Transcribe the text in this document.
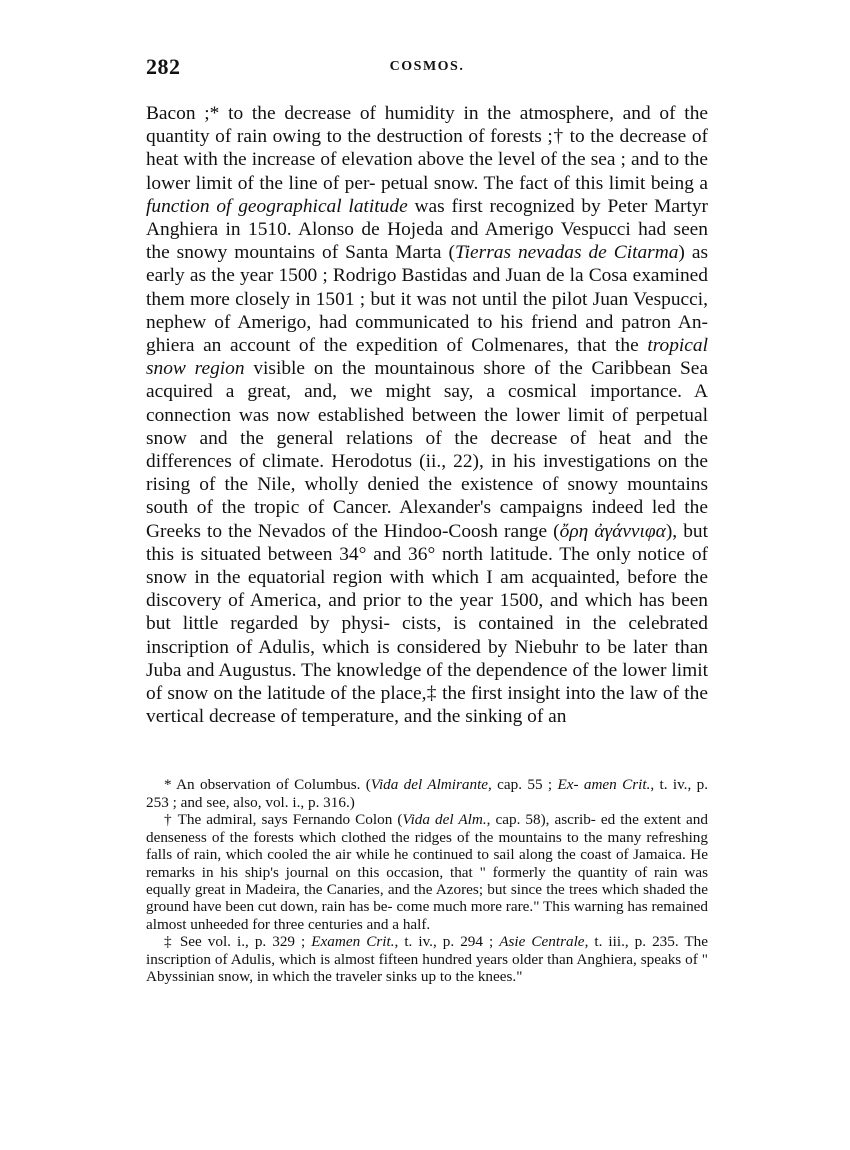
282	COSMOS.

Bacon ;* to the decrease of humidity in the atmosphere, and of the quantity of rain owing to the destruction of forests ;† to the decrease of heat with the increase of elevation above the level of the sea ; and to the lower limit of the line of per- petual snow. The fact of this limit being a function of geographical latitude was first recognized by Peter Martyr Anghiera in 1510. Alonso de Hojeda and Amerigo Vespucci had seen the snowy mountains of Santa Marta (Tierras nevadas de Citarma) as early as the year 1500 ; Rodrigo Bastidas and Juan de la Cosa examined them more closely in 1501 ; but it was not until the pilot Juan Vespucci, nephew of Amerigo, had communicated to his friend and patron An- ghiera an account of the expedition of Colmenares, that the tropical snow region visible on the mountainous shore of the Caribbean Sea acquired a great, and, we might say, a cosmical importance. A connection was now established between the lower limit of perpetual snow and the general relations of the decrease of heat and the differences of climate. Herodotus (ii., 22), in his investigations on the rising of the Nile, wholly denied the existence of snowy mountains south of the tropic of Cancer. Alexander's campaigns indeed led the Greeks to the Nevados of the Hindoo-Coosh range (ὄρη ἀγάννιφα), but this is situated between 34° and 36° north latitude. The only notice of snow in the equatorial region with which I am acquainted, before the discovery of America, and prior to the year 1500, and which has been but little regarded by physi- cists, is contained in the celebrated inscription of Adulis, which is considered by Niebuhr to be later than Juba and Augustus. The knowledge of the dependence of the lower limit of snow on the latitude of the place,‡ the first insight into the law of the vertical decrease of temperature, and the sinking of an

* An observation of Columbus. (Vida del Almirante, cap. 55 ; Ex- amen Crit., t. iv., p. 253 ; and see, also, vol. i., p. 316.)

† The admiral, says Fernando Colon (Vida del Alm., cap. 58), ascrib- ed the extent and denseness of the forests which clothed the ridges of the mountains to the many refreshing falls of rain, which cooled the air while he continued to sail along the coast of Jamaica. He remarks in his ship's journal on this occasion, that " formerly the quantity of rain was equally great in Madeira, the Canaries, and the Azores; but since the trees which shaded the ground have been cut down, rain has be- come much more rare." This warning has remained almost unheeded for three centuries and a half.

‡ See vol. i., p. 329 ; Examen Crit., t. iv., p. 294 ; Asie Centrale, t. iii., p. 235. The inscription of Adulis, which is almost fifteen hundred years older than Anghiera, speaks of " Abyssinian snow, in which the traveler sinks up to the knees."
